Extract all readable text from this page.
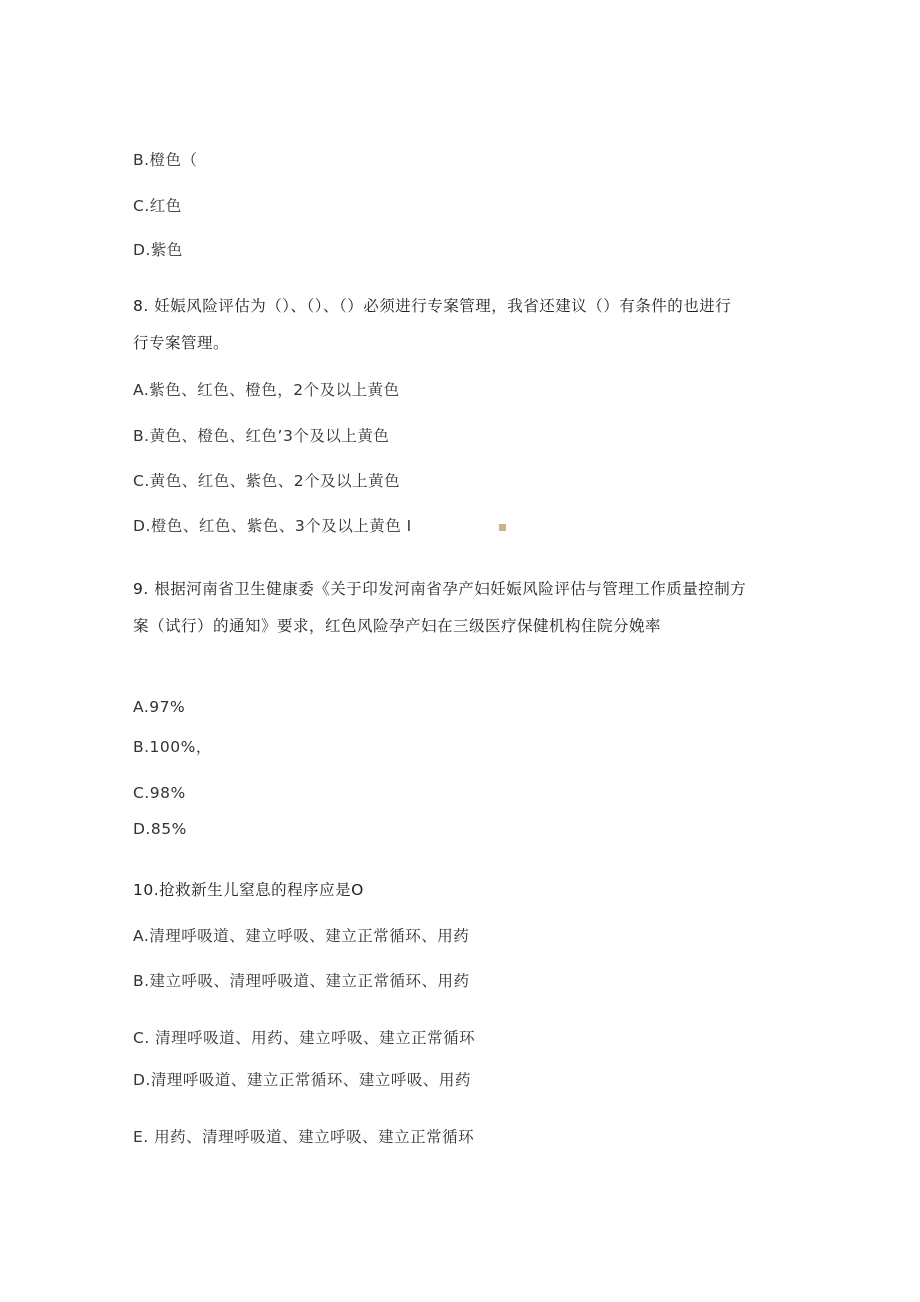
B.橙色（
C.红色
D.紫色
8. 妊娠风险评估为（）、（）、（）必须进行专案管理，我省还建议（）有条件的也进行
行专案管理。
A.紫色、红色、橙色，2个及以上黄色
B.黄色、橙色、红色’3个及以上黄色
C.黄色、红色、紫色、2个及以上黄色
D.橙色、红色、紫色、3个及以上黄色 I
9. 根据河南省卫生健康委《关于印发河南省孕产妇妊娠风险评估与管理工作质量控制方
案（试行）的通知》要求，红色风险孕产妇在三级医疗保健机构住院分娩率
A.97%
B.100%，
C.98%
D.85%
10.抢救新生儿窒息的程序应是O
A.清理呼吸道、建立呼吸、建立正常循环、用药
B.建立呼吸、清理呼吸道、建立正常循环、用药
C. 清理呼吸道、用药、建立呼吸、建立正常循环
D.清理呼吸道、建立正常循环、建立呼吸、用药
E. 用药、清理呼吸道、建立呼吸、建立正常循环
